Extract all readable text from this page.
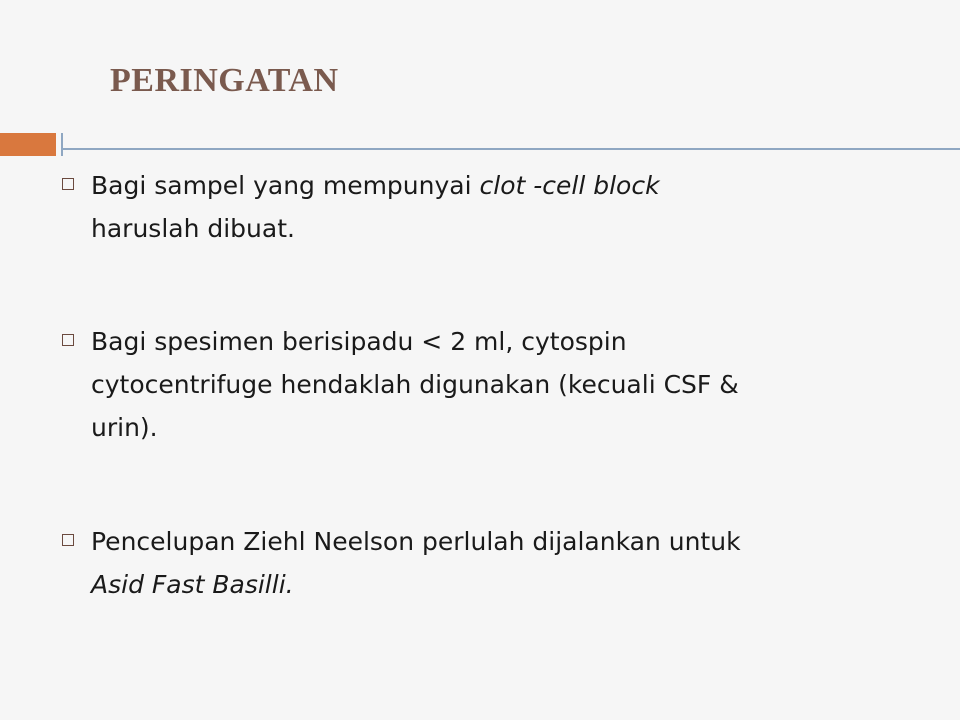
PERINGATAN
Bagi sampel yang mempunyai clot -cell block
haruslah dibuat.
Bagi spesimen berisipadu < 2 ml, cytospin
cytocentrifuge hendaklah digunakan (kecuali CSF &
urin).
Pencelupan Ziehl Neelson perlulah dijalankan untuk
Asid Fast Basilli.
